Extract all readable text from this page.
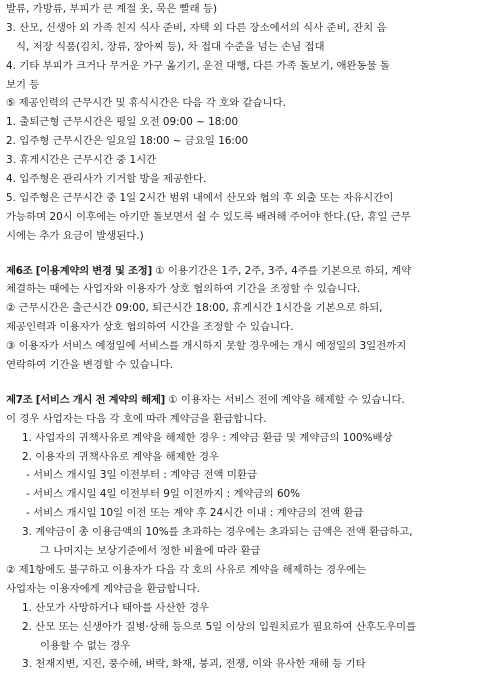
발류, 가방류, 부피가 큰 계절 옷, 묵은 빨래 등)
3. 산모, 신생아 외 가족 친지 식사 준비, 자택 외 다른 장소에서의 식사 준비, 잔치 음
식, 저장 식품(김치, 장류, 장아찌 등), 차 접대 수준을 넘는 손님 접대
4. 기타 부피가 크거나 무거운 가구 옮기기, 운전 대행, 다른 가족 돌보기, 애완동물 돌
보기 등
⑤ 제공인력의 근무시간 및 휴식시간은 다음 각 호와 같습니다.
1. 출퇴근형 근무시간은 평일 오전 09:00 ~ 18:00
2. 입주형 근무시간은 일요일 18:00 ~ 금요일 16:00
3. 휴게시간은 근무시간 중 1시간
4. 입주형은 관리사가 기거할 방을 제공한다.
5. 입주형은 근무시간 중 1일 2시간 범위 내에서 산모와 협의 후 외출 또는 자유시간이
가능하며 20시 이후에는 아기만 돌보면서 쉴 수 있도록 배려해 주어야 한다.(단, 휴일 근무
시에는 추가 요금이 발생된다.)
제6조 [이용계약의 변경 및 조정] ① 이용기간은 1주, 2주, 3주, 4주를 기본으로 하되, 계약
체결하는 때에는 사업자와 이용자가 상호 협의하여 기간을 조정할 수 있습니다.
② 근무시간은 출근시간 09:00, 퇴근시간 18:00, 휴게시간 1시간을 기본으로 하되,
제공인력과 이용자가 상호 협의하여 시간을 조정할 수 있습니다.
③ 이용자가 서비스 예정일에 서비스를 개시하지 못할 경우에는 개시 예정일의 3일전까지
연락하여 기간을 변경할 수 있습니다.
제7조 [서비스 개시 전 계약의 해제] ① 이용자는 서비스 전에 계약을 해제할 수 있습니다.
이 경우 사업자는 다음 각 호에 따라 계약금을 환급합니다.
1. 사업자의 귀책사유로 계약을 해제한 경우 : 계약금 환급 및 계약금의 100%배상
2. 이용자의 귀책사유로 계약을 해제한 경우
- 서비스 개시일 3일 이전부터 : 계약금 전액 미환급
- 서비스 개시일 4일 이전부터 9일 이전까지 : 계약금의 60%
- 서비스 개시일 10일 이전 또는 계약 후 24시간 이내 : 계약금의 전액 환급
3. 계약금이 총 이용금액의 10%를 초과하는 경우에는 초과되는 금액은 전액 환급하고,
그 나머지는 보상기준에서 정한 비율에 따라 환급
② 제1항에도 불구하고 이용자가 다음 각 호의 사유로 계약을 해제하는 경우에는
사업자는 이용자에게 계약금을 환급합니다.
1. 산모가 사망하거나 태아를 사산한 경우
2. 산모 또는 신생아가 질병·상해 등으로 5일 이상의 입원치료가 필요하여 산후도우미를
이용할 수 없는 경우
3. 천재지변, 지진, 풍수해, 벼락, 화재, 붕괴, 전쟁, 이와 유사한 재해 등 기타
